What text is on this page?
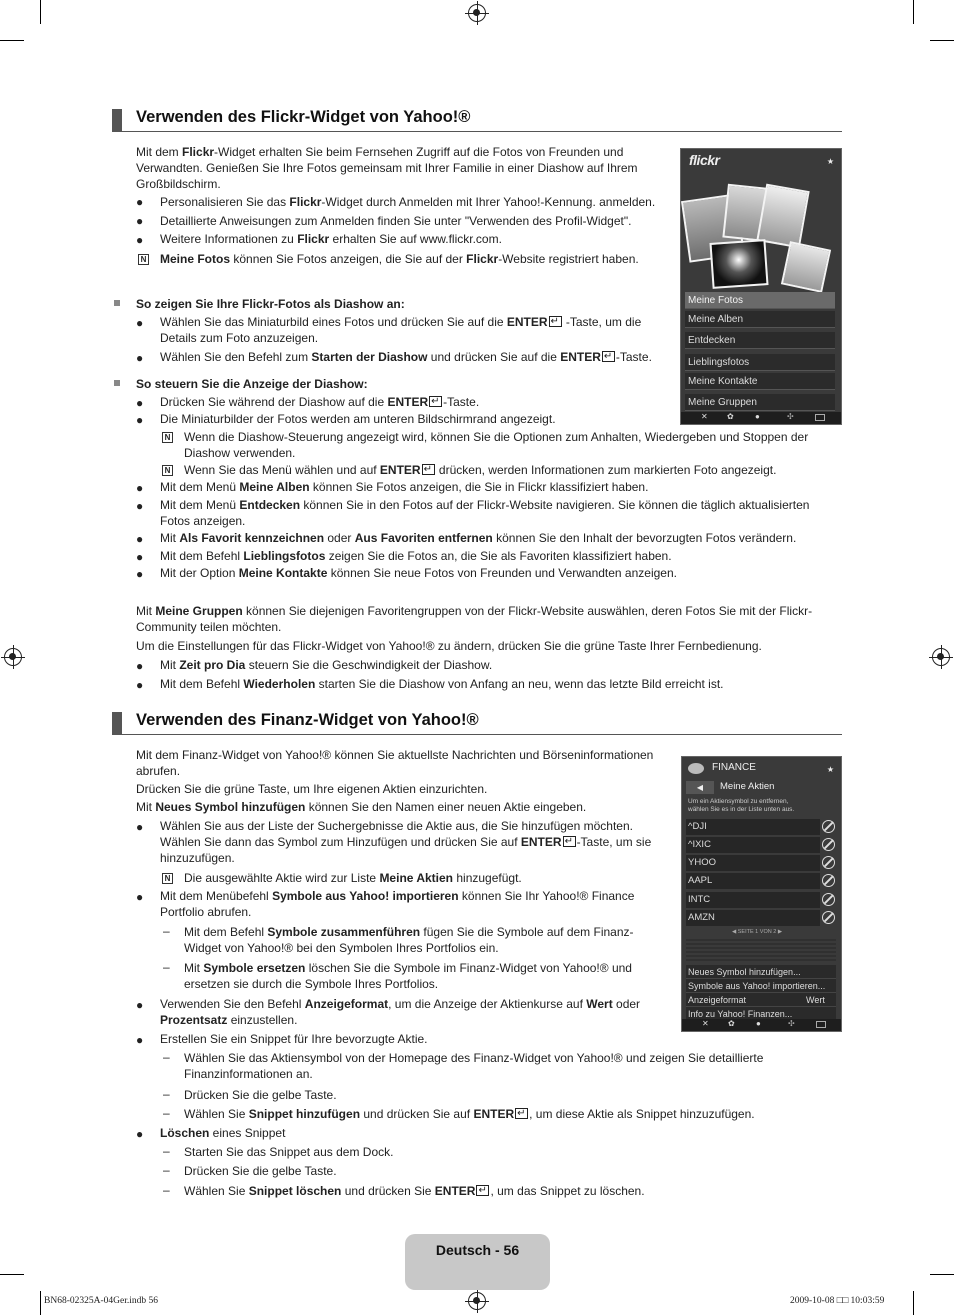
Verwenden des Flickr-Widget von Yahoo!®
Mit dem Flickr-Widget erhalten Sie beim Fernsehen Zugriff auf die Fotos von Freunden und
Verwandten. Genießen Sie Ihre Fotos gemeinsam mit Ihrer Familie in einer Diashow auf Ihrem
Großbildschirm.
● Personalisieren Sie das Flickr-Widget durch Anmelden mit Ihrer Yahoo!-Kennung. anmelden.
● Detaillierte Anweisungen zum Anmelden finden Sie unter "Verwenden des Profil-Widget".
● Weitere Informationen zu Flickr erhalten Sie auf www.flickr.com.
N Meine Fotos können Sie Fotos anzeigen, die Sie auf der Flickr-Website registriert haben.
So zeigen Sie Ihre Flickr-Fotos als Diashow an:
● Wählen Sie das Miniaturbild eines Fotos und drücken Sie auf die ENTER↵ -Taste, um die
Details zum Foto anzuzeigen.
● Wählen Sie den Befehl zum Starten der Diashow und drücken Sie auf die ENTER ↵ -Taste.
So steuern Sie die Anzeige der Diashow:
● Drücken Sie während der Diashow auf die ENTER ↵ -Taste.
● Die Miniaturbilder der Fotos werden am unteren Bildschirmrand angezeigt.
N Wenn die Diashow-Steuerung angezeigt wird, können Sie die Optionen zum Anhalten, Wiedergeben und Stoppen der
Diashow verwenden.
N Wenn Sie das Menü wählen und auf ENTER↵ drücken, werden Informationen zum markierten Foto angezeigt.
● Mit dem Menü Meine Alben können Sie Fotos anzeigen, die Sie in Flickr klassifiziert haben.
● Mit dem Menü Entdecken können Sie in den Fotos auf der Flickr-Website navigieren. Sie können die täglich aktualisierten
Fotos anzeigen.
● Mit Als Favorit kennzeichnen oder Aus Favoriten entfernen können Sie den Inhalt der bevorzugten Fotos verändern.
● Mit dem Befehl Lieblingsfotos zeigen Sie die Fotos an, die Sie als Favoriten klassifiziert haben.
● Mit der Option Meine Kontakte können Sie neue Fotos von Freunden und Verwandten anzeigen.
Mit Meine Gruppen können Sie diejenigen Favoritengruppen von der Flickr-Website auswählen, deren Fotos Sie mit der Flickr-
Community teilen möchten.
Um die Einstellungen für das Flickr-Widget von Yahoo!® zu ändern, drücken Sie die grüne Taste Ihrer Fernbedienung.
● Mit Zeit pro Dia steuern Sie die Geschwindigkeit der Diashow.
● Mit dem Befehl Wiederholen starten Sie die Diashow von Anfang an neu, wenn das letzte Bild erreicht ist.
flickr	★
Meine Fotos
Meine Alben
Entdecken
Lieblingsfotos
Meine Kontakte
Meine Gruppen
✕ ✿	●	✣
Verwenden des Finanz-Widget von Yahoo!®
Mit dem Finanz-Widget von Yahoo!® können Sie aktuellste Nachrichten und Börseninformationen
abrufen.
Drücken Sie die grüne Taste, um Ihre eigenen Aktien einzurichten.
Mit Neues Symbol hinzufügen können Sie den Namen einer neuen Aktie eingeben.
● Wählen Sie aus der Liste der Suchergebnisse die Aktie aus, die Sie hinzufügen möchten.
Wählen Sie dann das Symbol zum Hinzufügen und drücken Sie auf ENTER ↵ -Taste, um sie
hinzuzufügen.
N Die ausgewählte Aktie wird zur Liste Meine Aktien hinzugefügt.
● Mit dem Menübefehl Symbole aus Yahoo! importieren können Sie Ihr Yahoo!® Finance
Portfolio abrufen.
– Mit dem Befehl Symbole zusammenführen fügen Sie die Symbole auf dem Finanz-
Widget von Yahoo!® bei den Symbolen Ihres Portfolios ein.
– Mit Symbole ersetzen löschen Sie die Symbole im Finanz-Widget von Yahoo!® und
ersetzen sie durch die Symbole Ihres Portfolios.
● Verwenden Sie den Befehl Anzeigeformat, um die Anzeige der Aktienkurse auf Wert oder
Prozentsatz einzustellen.
● Erstellen Sie ein Snippet für Ihre bevorzugte Aktie.
– Wählen Sie das Aktiensymbol von der Homepage des Finanz-Widget von Yahoo!® und zeigen Sie detaillierte
Finanzinformationen an.
– Drücken Sie die gelbe Taste.
– Wählen Sie Snippet hinzufügen und drücken Sie auf ENTER ↵ , um diese Aktie als Snippet hinzuzufügen.
● Löschen eines Snippet
– Starten Sie das Snippet aus dem Dock.
– Drücken Sie die gelbe Taste.
– Wählen Sie Snippet löschen und drücken Sie ENTER ↵ , um das Snippet zu löschen.
FINANCE	★
◀	Meine Aktien
Um ein Aktiensymbol zu entfernen,
wählen Sie es in der Liste unten aus.
^DJI
^IXIC
YHOO
AAPL
INTC
AMZN
◀ SEITE 1 VON 2 ▶
Neues Symbol hinzufügen...
Symbole aus Yahoo! importieren...
Anzeigeformat	Wert
Info zu Yahoo! Finanzen...
✕ ✿	●	✣
Deutsch - 56
BN68-02325A-04Ger.indb 56	2009-10-08 □□ 10:03:59
